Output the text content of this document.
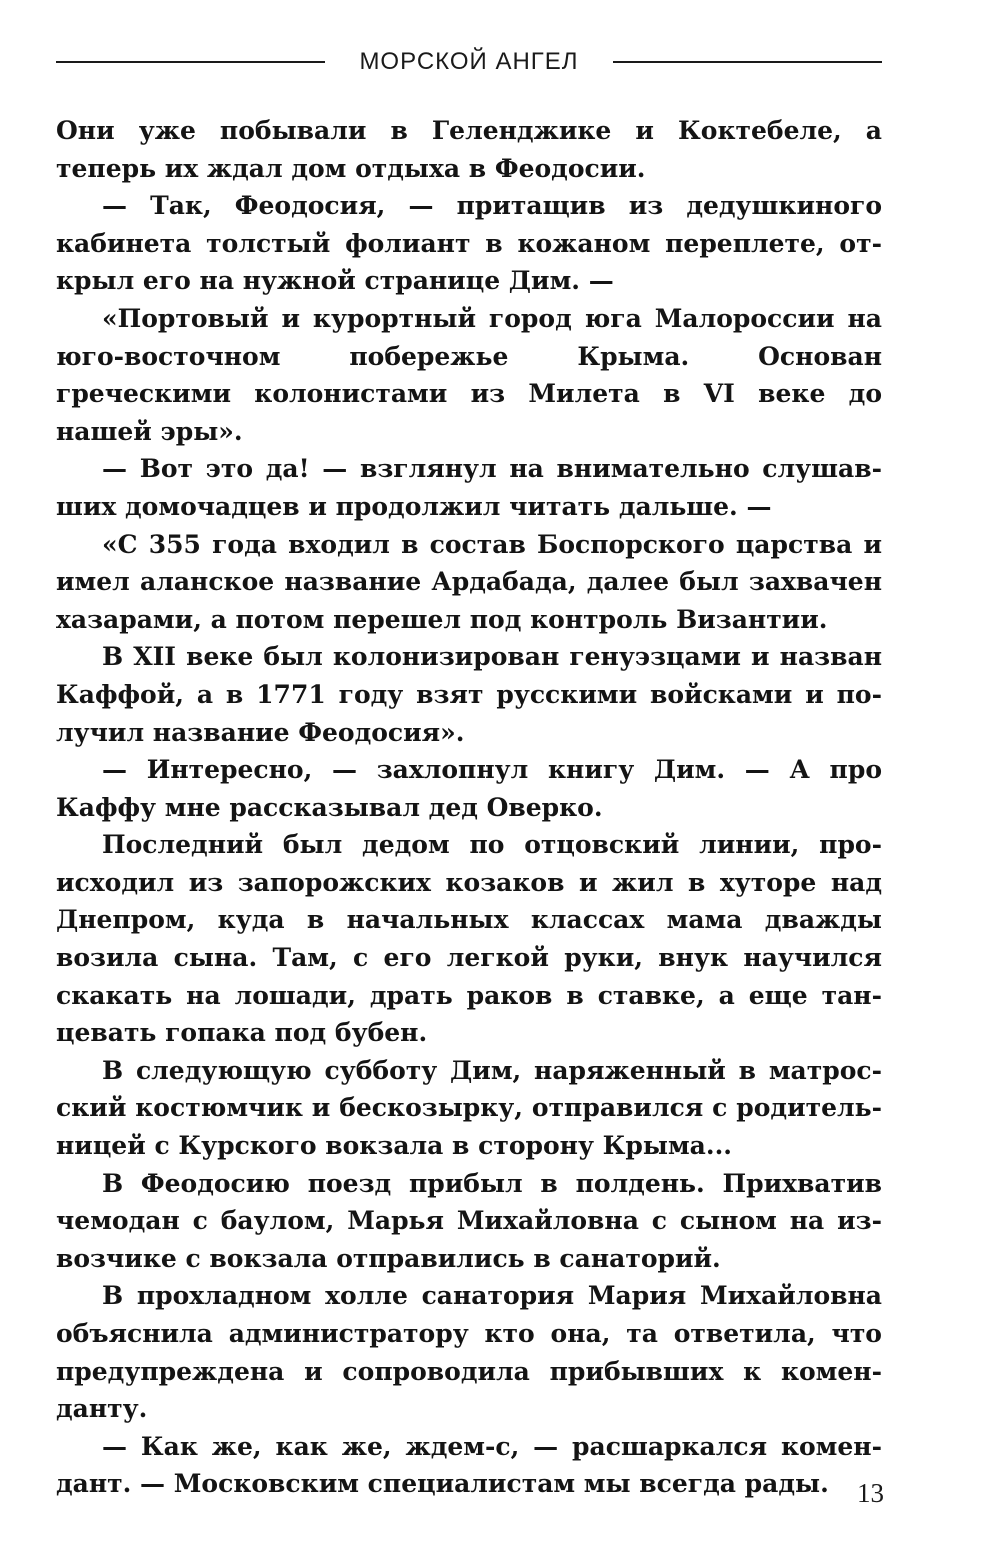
МОРСКОЙ АНГЕЛ

Они уже побывали в Геленджике и Коктебеле, а теперь их ждал дом отдыха в Феодосии.

— Так, Феодосия, — притащив из дедушкиного кабинета толстый фолиант в кожаном переплете, открыл его на нужной странице Дим. —

«Портовый и курортный город юга Малороссии на юго-восточном побережье Крыма. Основан греческими колонистами из Милета в VI веке до нашей эры».

— Вот это да! — взглянул на внимательно слушавших домочадцев и продолжил читать дальше. —

«С 355 года входил в состав Боспорского царства и имел аланское название Ардабада, далее был захвачен хазарами, а потом перешел под контроль Византии.

В XII веке был колонизирован генуэзцами и назван Каффой, а в 1771 году взят русскими войсками и получил название Феодосия».

— Интересно, — захлопнул книгу Дим. — А про Каффу мне рассказывал дед Оверко.

Последний был дедом по отцовский линии, происходил из запорожских козаков и жил в хуторе над Днепром, куда в начальных классах мама дважды возила сына. Там, с его легкой руки, внук научился скакать на лошади, драть раков в ставке, а еще танцевать гопака под бубен.

В следующую субботу Дим, наряженный в матросский костюмчик и бескозырку, отправился с родительницей с Курского вокзала в сторону Крыма...

В Феодосию поезд прибыл в полдень. Прихватив чемодан с баулом, Марья Михайловна с сыном на извозчике с вокзала отправились в санаторий.

В прохладном холле санатория Мария Михайловна объяснила администратору кто она, та ответила, что предупреждена и сопроводила прибывших к коменданту.

— Как же, как же, ждем-с, — расшаркался комендант. — Московским специалистам мы всегда рады.	13
